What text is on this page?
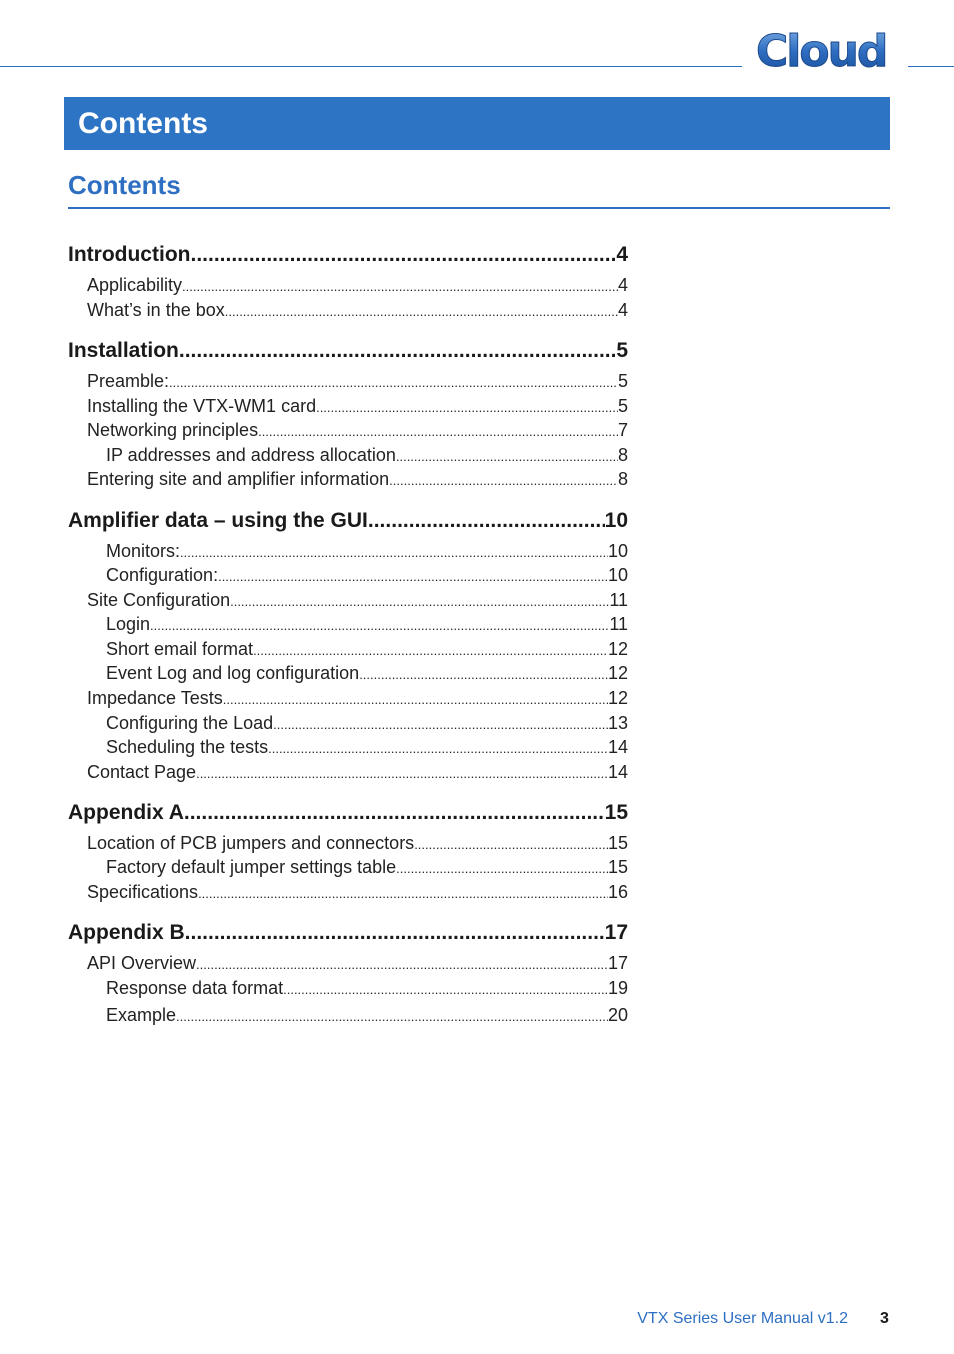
Cloud
Contents
Contents
Introduction .....	4
Applicability .....	4
What’s in the box .....	4
Installation .....	5
Preamble: .....	5
Installing the VTX-WM1 card .....	5
Networking principles .....	7
IP addresses and address allocation .....	8
Entering site and amplifier information .....	8
Amplifier data – using the GUI .....	10
Monitors: .....	10
Configuration: .....	10
Site Configuration .....	11
Login .....	11
Short email format .....	12
Event Log and log configuration .....	12
Impedance Tests .....	12
Configuring the Load .....	13
Scheduling the tests .....	14
Contact Page .....	14
Appendix A .....	15
Location of PCB jumpers and connectors .....	15
Factory default jumper settings table .....	15
Specifications .....	16
Appendix B .....	17
API Overview .....	17
Response data format .....	19
Example .....	20
VTX Series User Manual v1.2 3
